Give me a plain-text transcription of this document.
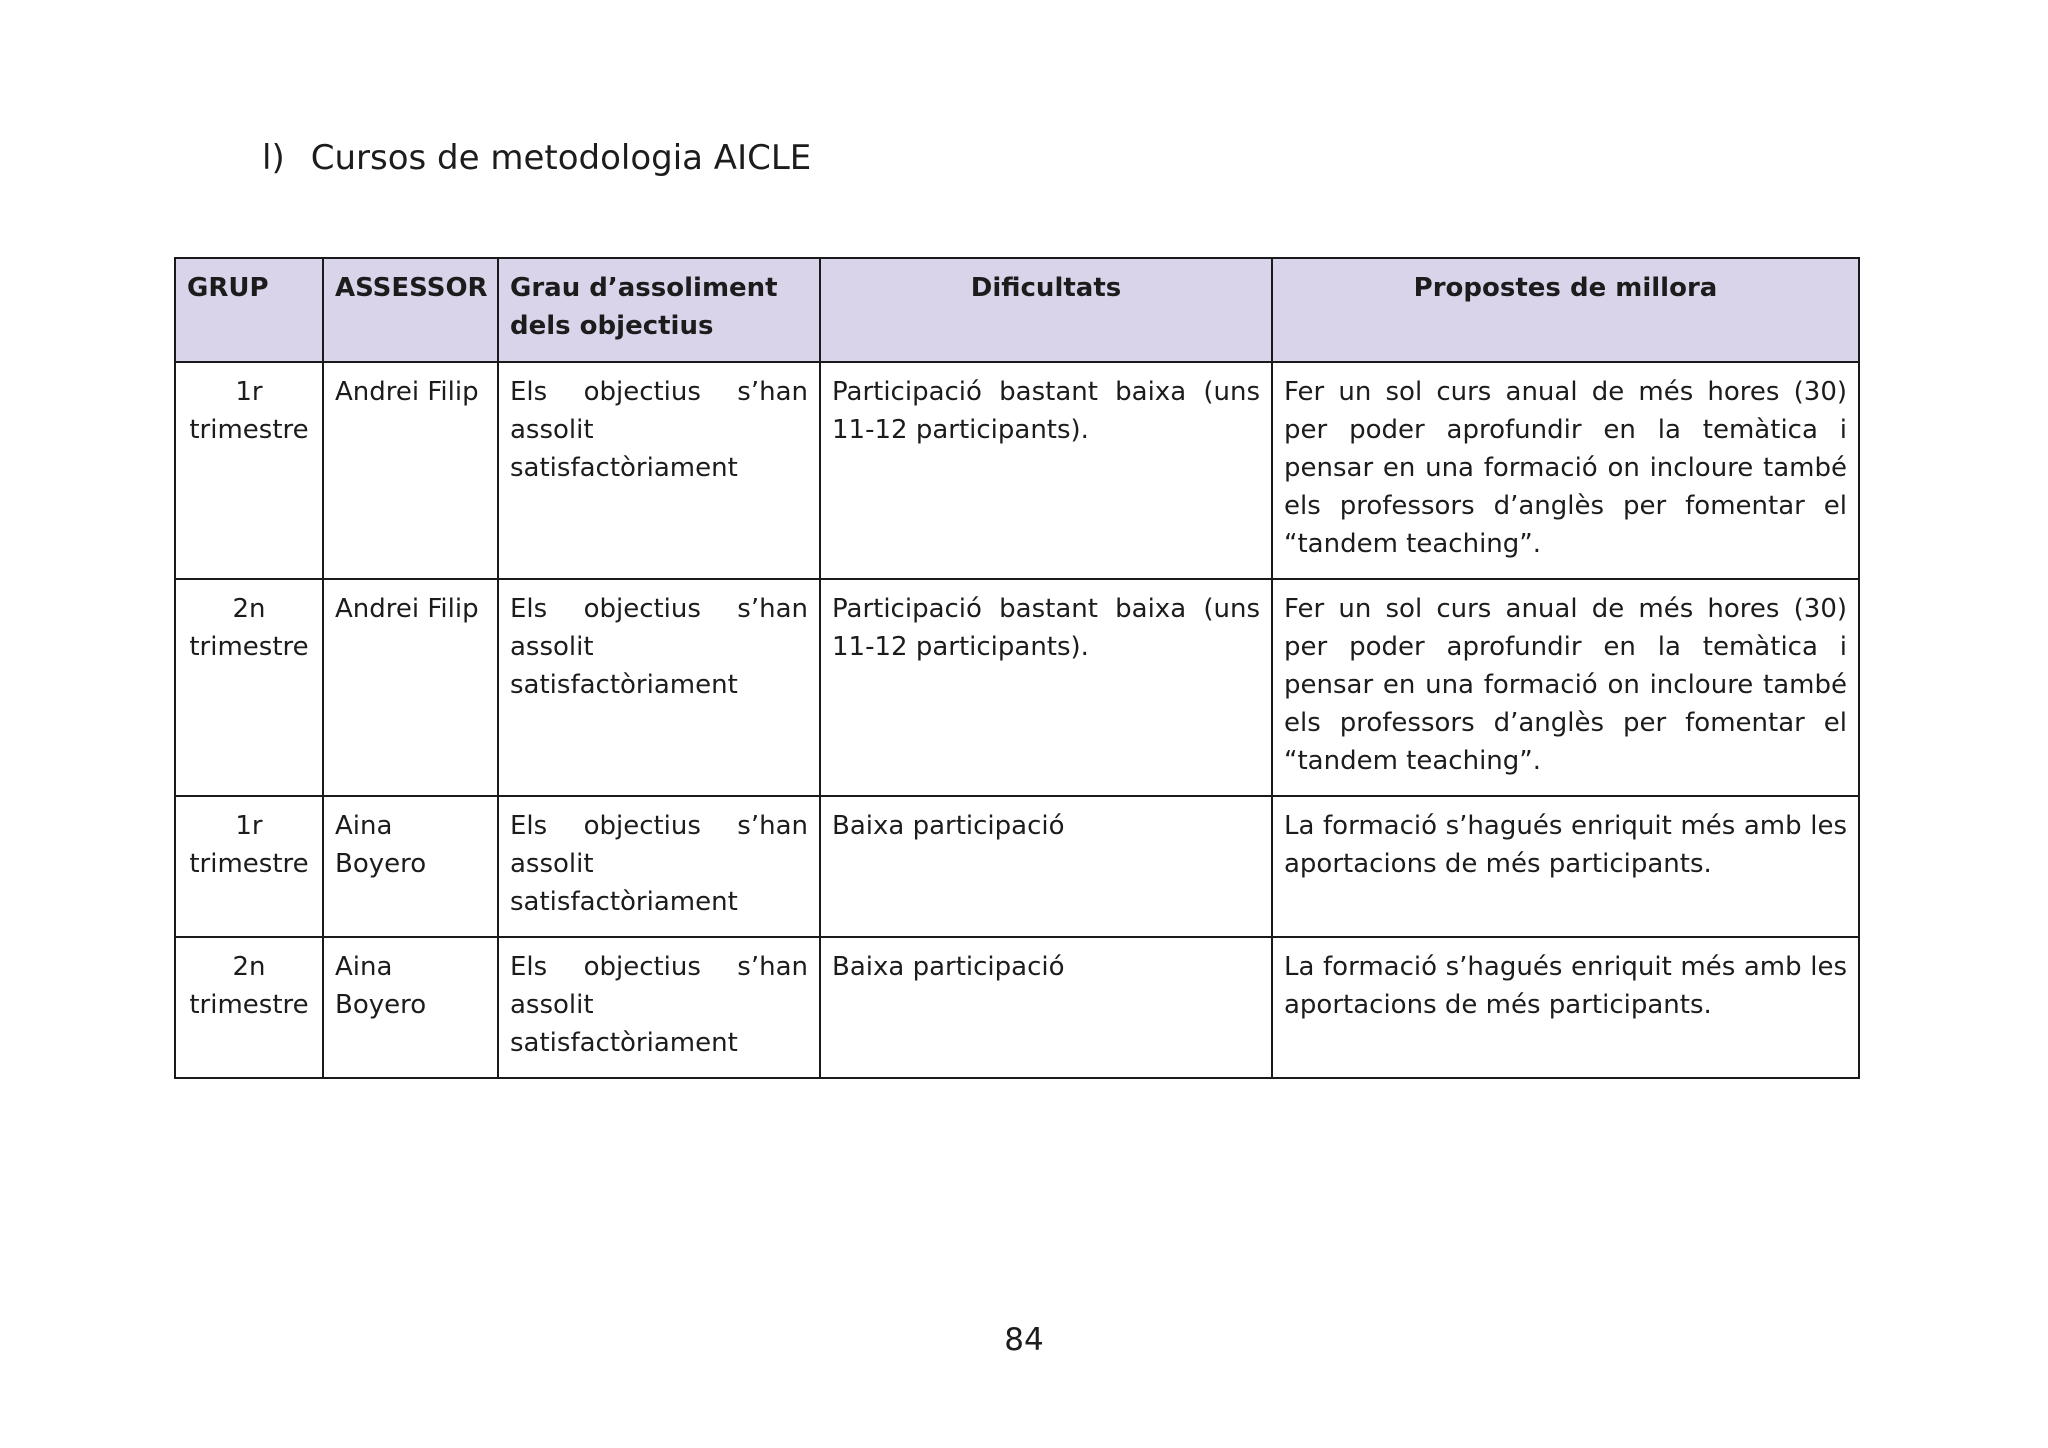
l) Cursos de metodologia AICLE
GRUP	ASSESSOR	Grau d’assoliment dels objectius	Dificultats	Propostes de millora
1r trimestre	Andrei Filip	Els objectius s’han assolit satisfactòriament	Participació bastant baixa (uns 11-12 participants).	Fer un sol curs anual de més hores (30) per poder aprofundir en la temàtica i pensar en una formació on incloure també els professors d’anglès per fomentar el “tandem teaching”.
2n trimestre	Andrei Filip	Els objectius s’han assolit satisfactòriament	Participació bastant baixa (uns 11-12 participants).	Fer un sol curs anual de més hores (30) per poder aprofundir en la temàtica i pensar en una formació on incloure també els professors d’anglès per fomentar el “tandem teaching”.
1r trimestre	Aina Boyero	Els objectius s’han assolit satisfactòriament	Baixa participació	La formació s’hagués enriquit més amb les aportacions de més participants.
2n trimestre	Aina Boyero	Els objectius s’han assolit satisfactòriament	Baixa participació	La formació s’hagués enriquit més amb les aportacions de més participants.
84
